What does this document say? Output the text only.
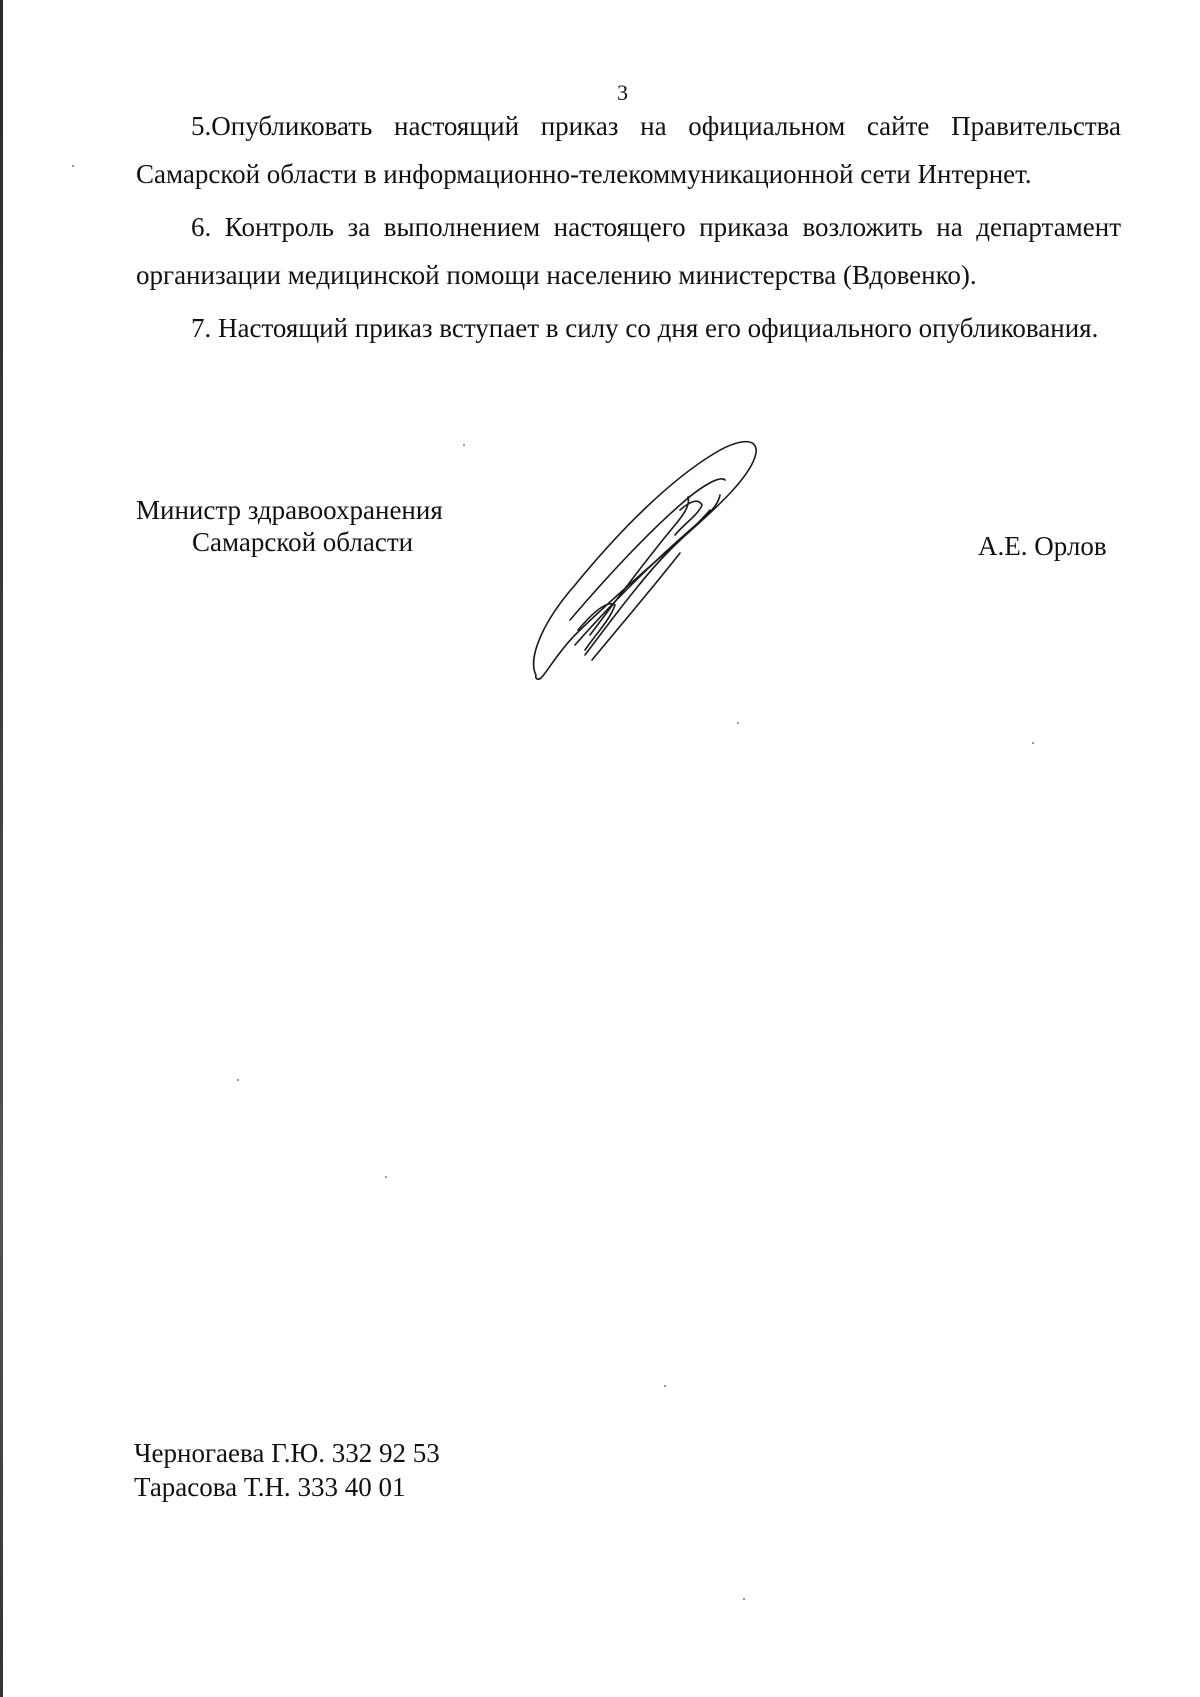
3

5.Опубликовать настоящий приказ на официальном сайте Правительства Самарской области в информационно-телекоммуникационной сети Интернет.

6. Контроль за выполнением настоящего приказа возложить на департамент организации медицинской помощи населению министерства (Вдовенко).

7. Настоящий приказ вступает в силу со дня его официального опубликования.

Министр здравоохранения
Самарской области	А.Е. Орлов
Черногаева Г.Ю. 332 92 53
Тарасова Т.Н. 333 40 01
